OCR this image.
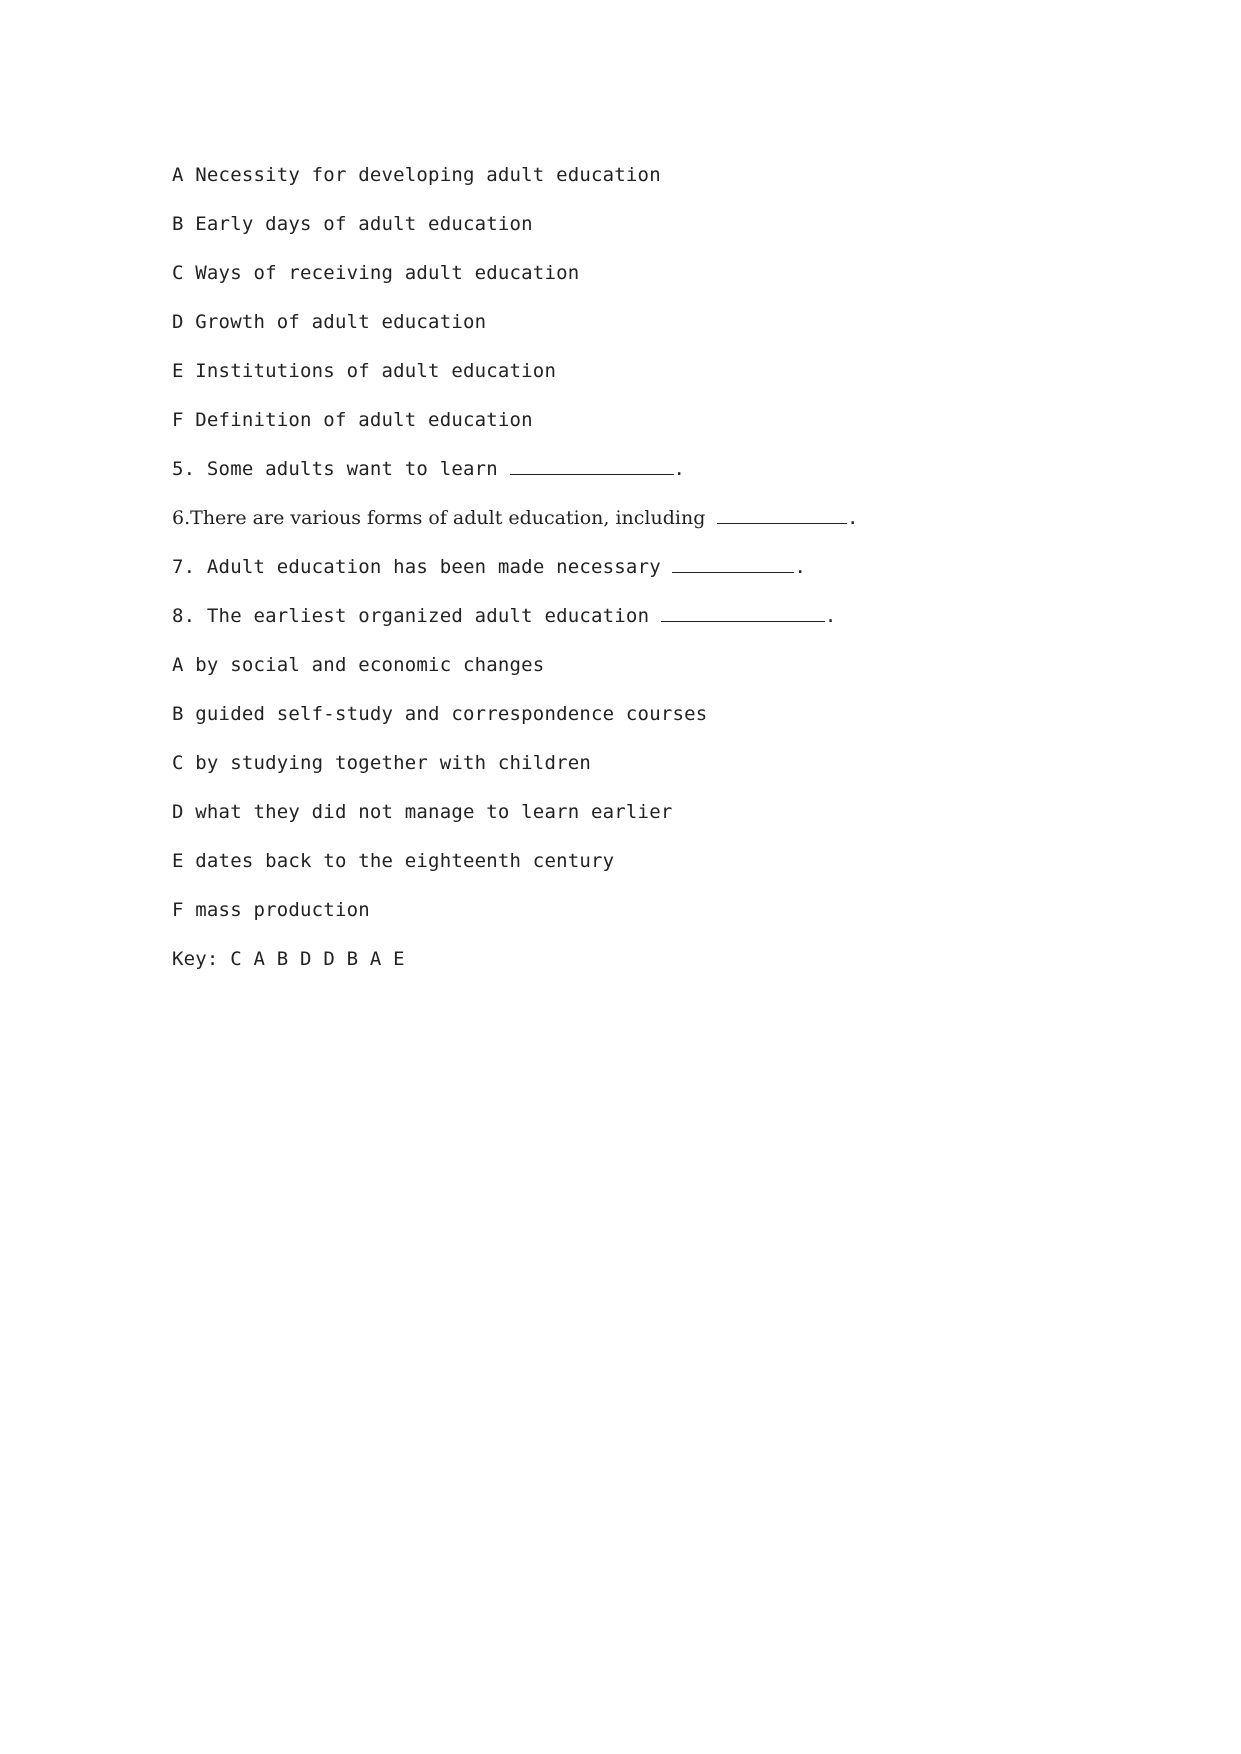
A Necessity for developing adult education
B Early days of adult education
C Ways of receiving adult education
D Growth of adult education
E Institutions of adult education
F Definition of adult education
5. Some adults want to learn	.
6.There are various forms of adult education, including	.
7. Adult education has been made necessary	.
8. The earliest organized adult education	.
A by social and economic changes
B guided self-study and correspondence courses
C by studying together with children
D what they did not manage to learn earlier
E dates back to the eighteenth century
F mass production
Key: C A B D D B A E
